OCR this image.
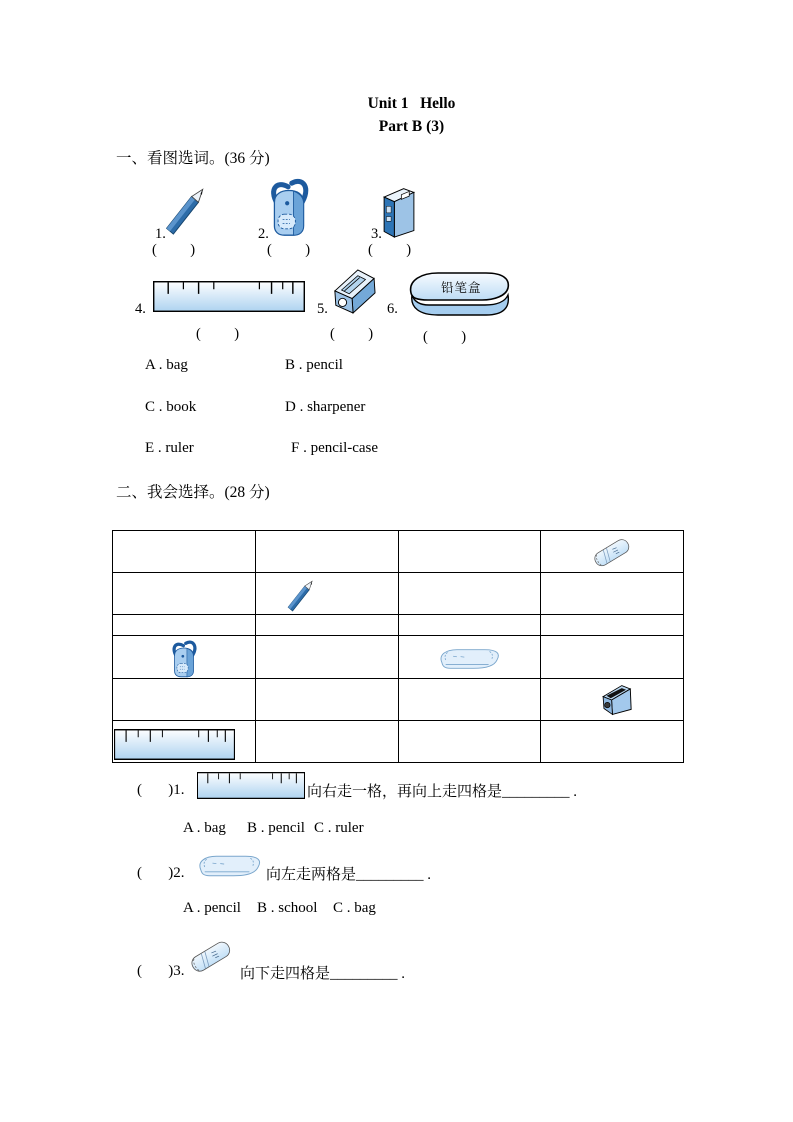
Unit 1   Hello
Part B (3)
一、看图选词。(36 分)
1.
(       )
2.
(       )
3.
(       )
4.
(       )
5.
(       )
铅笔盒
6.
(       )
A . bag	B . pencil
C . book	D . sharpener
E . ruler	F . pencil-case
二、我会选择。(28 分)
(       )1.	向右走一格，再向上走四格是_________ .
A . bag B . pencil C . ruler
(       )2.	向左走两格是_________ .
A . pencil B . school C . bag
(       )3.	向下走四格是_________ .
